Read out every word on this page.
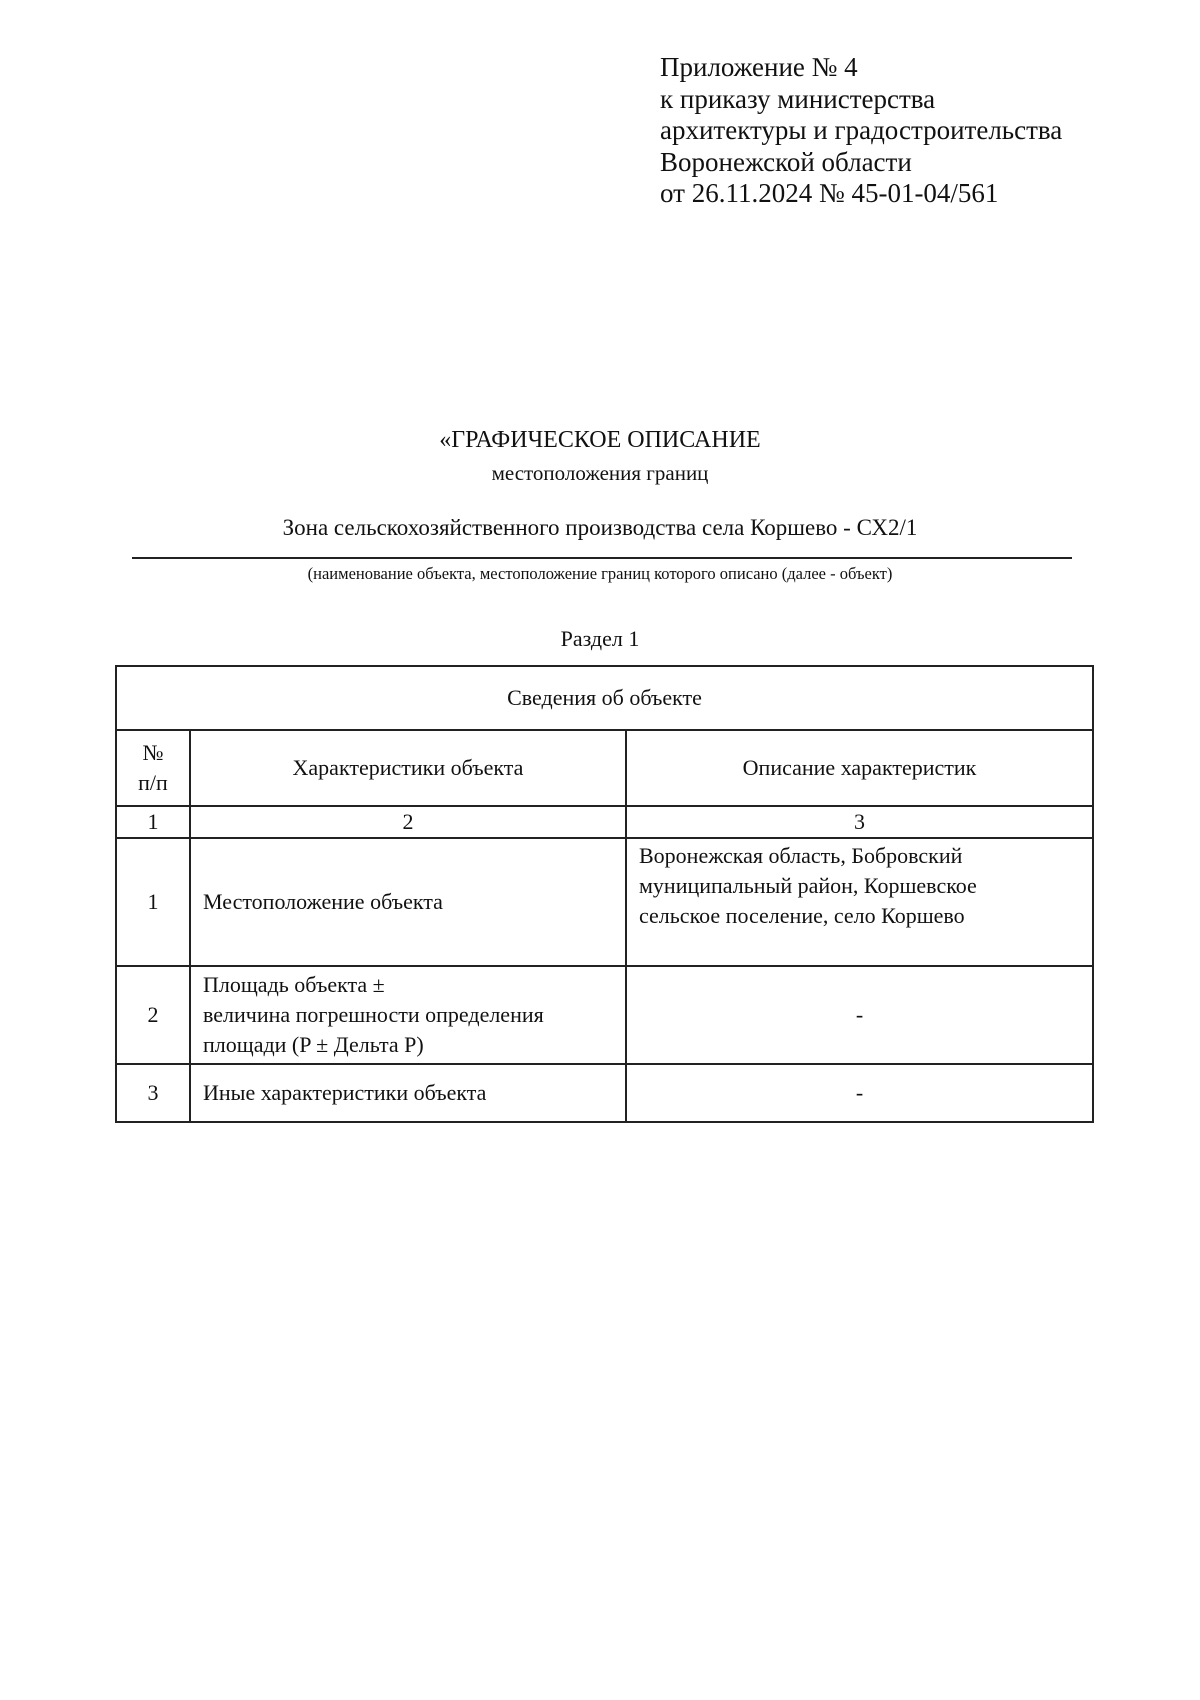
Приложение № 4
к приказу министерства
архитектуры и градостроительства
Воронежской области
от 26.11.2024 № 45-01-04/561
«ГРАФИЧЕСКОЕ ОПИСАНИЕ
местоположения границ
Зона сельскохозяйственного производства села Коршево - СХ2/1
(наименование объекта, местоположение границ которого описано (далее - объект)
Раздел 1
Сведения об объекте		
№
п/п	Характеристики объекта	Описание характеристик
1	2	3
1	Местоположение объекта	Воронежская область, Бобровский
муниципальный район, Коршевское
сельское поселение, село Коршево
2	Площадь объекта ±
величина погрешности определения
площади (P ± Дельта P)	-
3	Иные характеристики объекта	-
